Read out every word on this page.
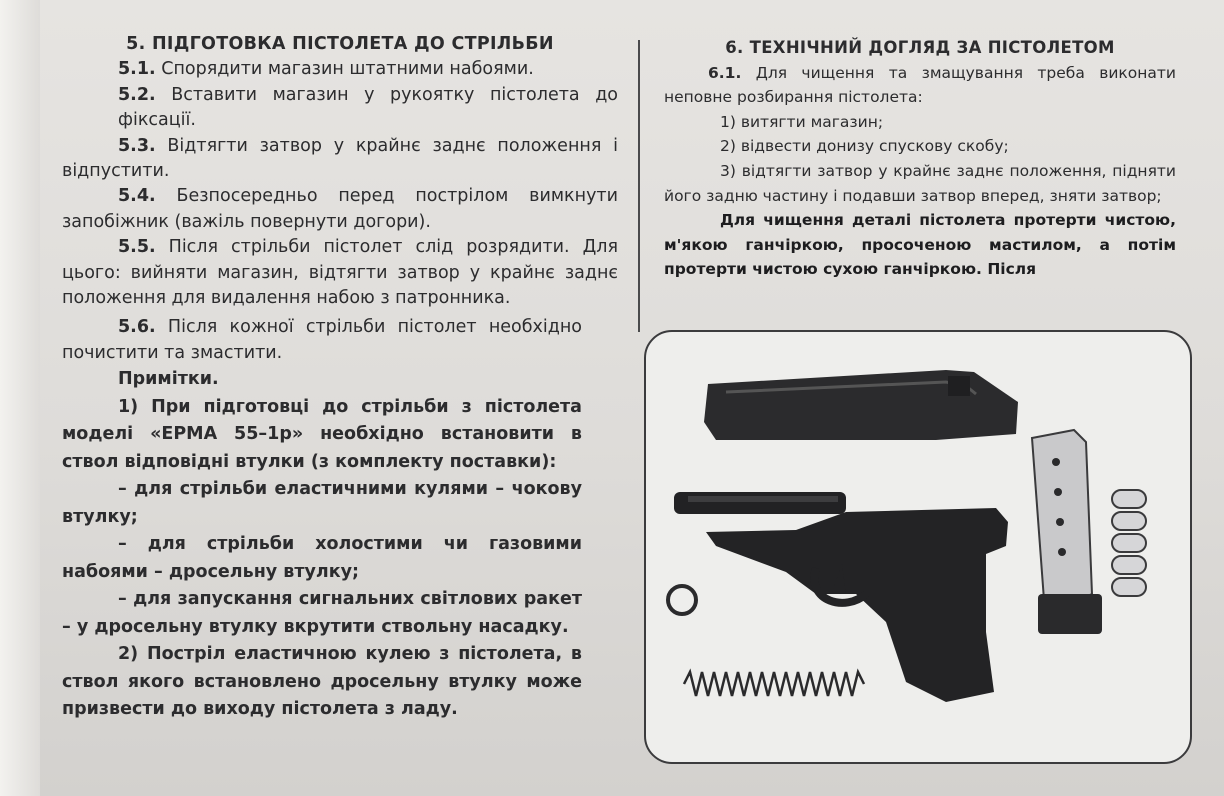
5. ПІДГОТОВКА ПІСТОЛЕТА ДО СТРІЛЬБИ

5.1. Спорядити магазин штатними набоями.

5.2. Вставити магазин у рукоятку пістолета до фіксації.

5.3. Відтягти затвор у крайнє заднє положення і відпустити.

5.4. Безпосередньо перед пострілом вимкнути запобіжник (важіль повернути догори).

5.5. Після стрільби пістолет слід розрядити. Для цього: вийняти магазин, відтягти затвор у крайнє заднє положення для видалення набою з патронника.

5.6. Після кожної стрільби пістолет необхідно почистити та змастити.

Примітки.

1) При підготовці до стрільби з пістолета моделі «ЕРМА 55–1р» необхідно встановити в ствол відповідні втулки (з комплекту поставки):

– для стрільби еластичними кулями – чокову втулку;

– для стрільби холостими чи газовими набоями – дросельну втулку;

– для запускання сигнальних світлових ракет – у дросельну втулку вкрутити ствольну насадку.

2) Постріл еластичною кулею з пістолета, в ствол якого встановлено дросельну втулку може призвести до виходу пістолета з ладу.

6. ТЕХНІЧНИЙ ДОГЛЯД ЗА ПІСТОЛЕТОМ

6.1. Для чищення та змащування треба виконати неповне розбирання пістолета:

1) витягти магазин;

2) відвести донизу спускову скобу;

3) відтягти затвор у крайнє заднє положення, підняти його задню частину і подавши затвор вперед, зняти затвор;

Для чищення деталі пістолета протерти чистою, м'якою ганчіркою, просоченою мастилом, а потім протерти чистою сухою ганчіркою. Після
